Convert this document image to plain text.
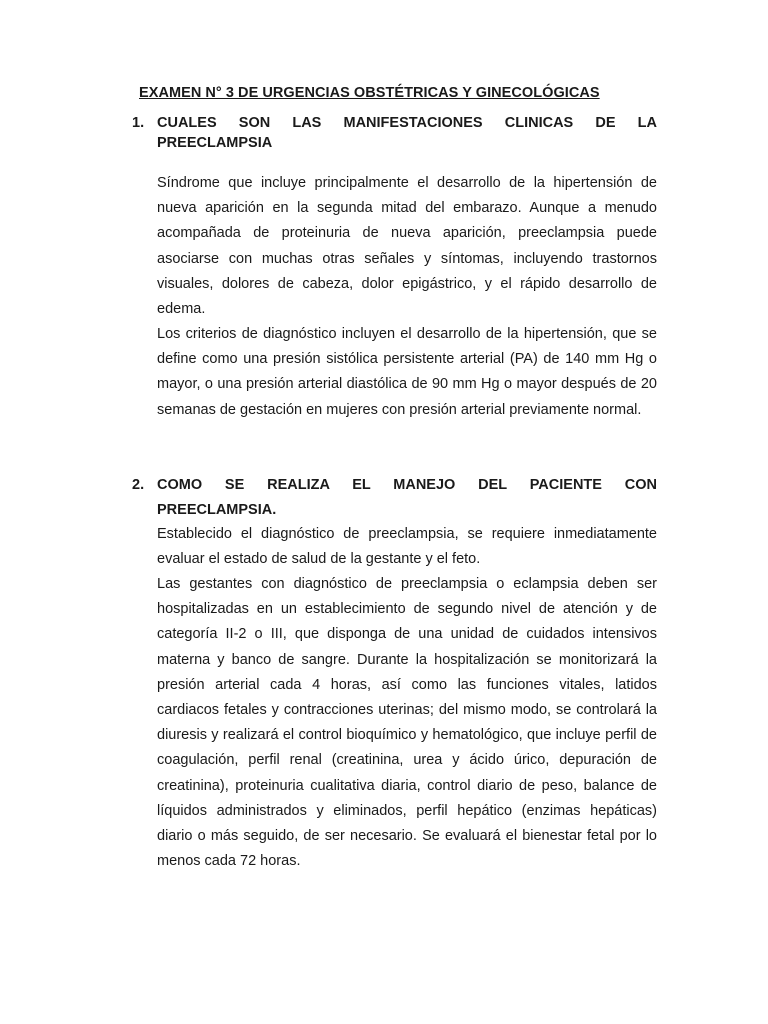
EXAMEN N° 3 DE URGENCIAS OBSTÉTRICAS Y GINECOLÓGICAS
1. CUALES SON LAS MANIFESTACIONES CLINICAS DE LA
PREECLAMPSIA

Síndrome que incluye principalmente el desarrollo de la hipertensión de nueva aparición en la segunda mitad del embarazo. Aunque a menudo acompañada de proteinuria de nueva aparición, preeclampsia puede asociarse con muchas otras señales y síntomas, incluyendo trastornos visuales, dolores de cabeza, dolor epigástrico, y el rápido desarrollo de edema.

Los criterios de diagnóstico incluyen el desarrollo de la hipertensión, que se define como una presión sistólica persistente arterial (PA) de 140 mm Hg o mayor, o una presión arterial diastólica de 90 mm Hg o mayor después de 20 semanas de gestación en mujeres con presión arterial previamente normal.

2. COMO SE REALIZA EL MANEJO DEL PACIENTE CON
PREECLAMPSIA.

Establecido el diagnóstico de preeclampsia, se requiere inmediatamente evaluar el estado de salud de la gestante y el feto.

Las gestantes con diagnóstico de preeclampsia o eclampsia deben ser hospitalizadas en un establecimiento de segundo nivel de atención y de categoría II-2 o III, que disponga de una unidad de cuidados intensivos materna y banco de sangre. Durante la hospitalización se monitorizará la presión arterial cada 4 horas, así como las funciones vitales, latidos cardiacos fetales y contracciones uterinas; del mismo modo, se controlará la diuresis y realizará el control bioquímico y hematológico, que incluye perfil de coagulación, perfil renal (creatinina, urea y ácido úrico, depuración de creatinina), proteinuria cualitativa diaria, control diario de peso, balance de líquidos administrados y eliminados, perfil hepático (enzimas hepáticas) diario o más seguido, de ser necesario. Se evaluará el bienestar fetal por lo menos cada 72 horas.
